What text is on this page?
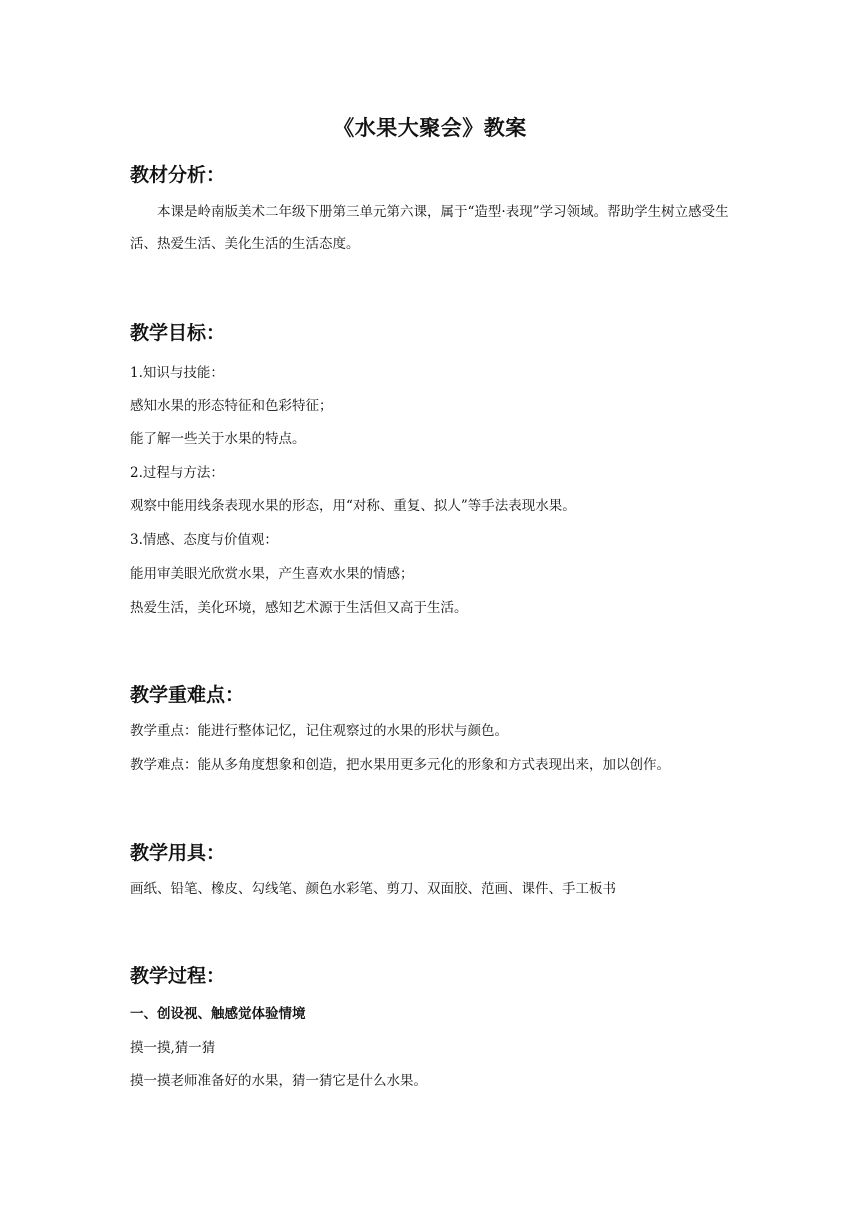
《水果大聚会》教案
教材分析：
本课是岭南版美术二年级下册第三单元第六课，属于“造型·表现”学习领域。帮助学生树立感受生活、热爱生活、美化生活的生活态度。
教学目标：
1.知识与技能：
感知水果的形态特征和色彩特征；
能了解一些关于水果的特点。
2.过程与方法：
观察中能用线条表现水果的形态，用“对称、重复、拟人”等手法表现水果。
3.情感、态度与价值观：
能用审美眼光欣赏水果，产生喜欢水果的情感；
热爱生活，美化环境，感知艺术源于生活但又高于生活。
教学重难点：
教学重点：能进行整体记忆，记住观察过的水果的形状与颜色。
教学难点：能从多角度想象和创造，把水果用更多元化的形象和方式表现出来，加以创作。
教学用具：
画纸、铅笔、橡皮、勾线笔、颜色水彩笔、剪刀、双面胶、范画、课件、手工板书
教学过程：
一、创设视、触感觉体验情境
摸一摸,猜一猜
摸一摸老师准备好的水果，猜一猜它是什么水果。
